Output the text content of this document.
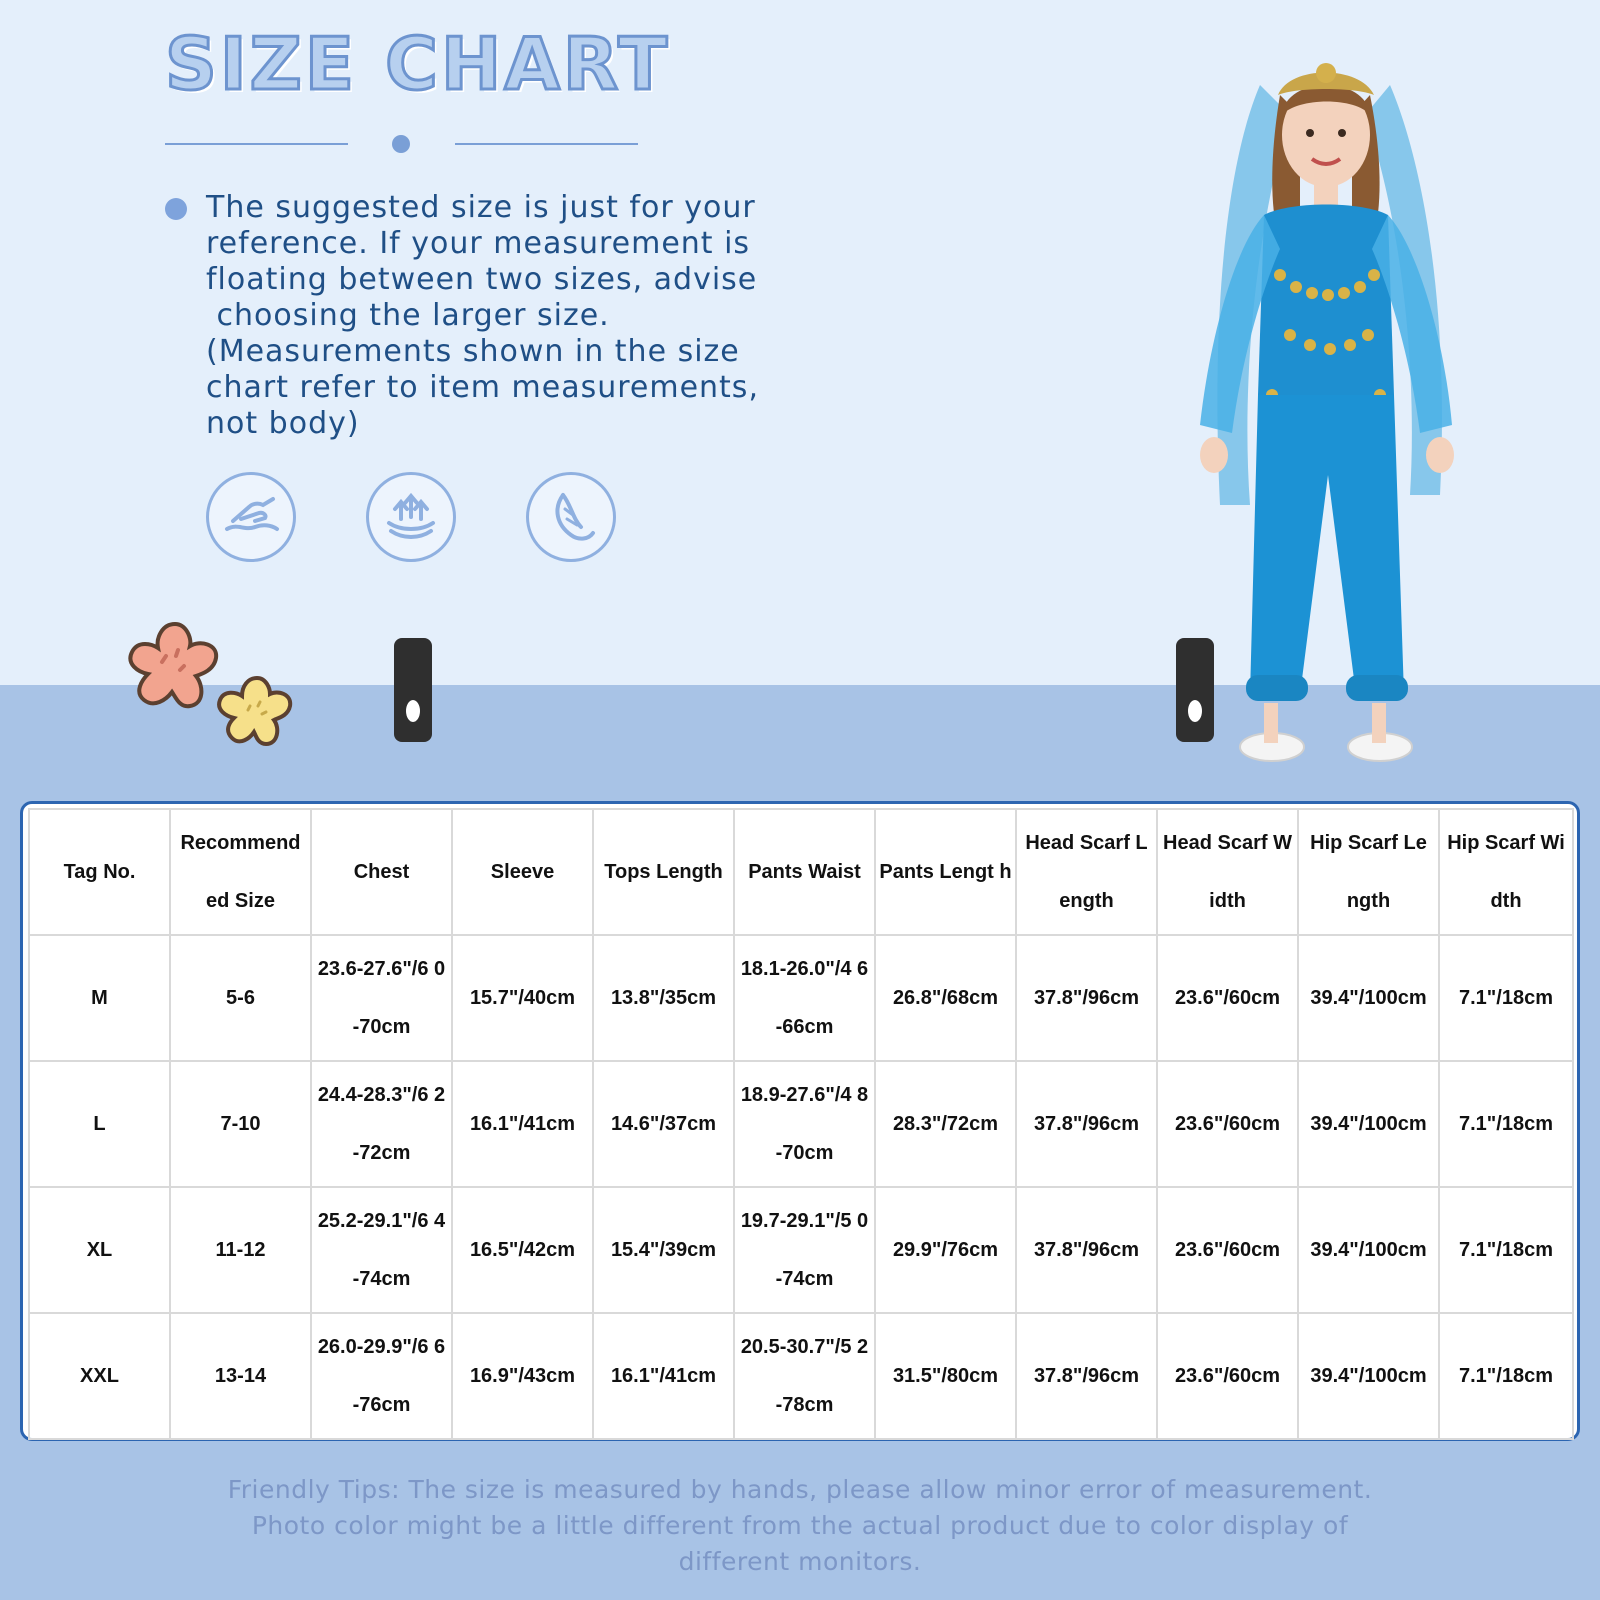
SIZE CHART
The suggested size is just for your
reference. If your measurement is
floating between two sizes, advise
choosing the larger size.
(Measurements shown in the size
chart refer to item measurements,
not body)
Tag No.	Recommend ed Size	Chest	Sleeve	Tops Length	Pants Waist	Pants Lengt h	Head Scarf Length	Head Scarf Width	Hip Scarf Le ngth	Hip Scarf Wi dth
M	5-6	23.6-27.6"/6 0-70cm	15.7"/40cm	13.8"/35cm	18.1-26.0"/4 6-66cm	26.8"/68cm	37.8"/96cm	23.6"/60cm	39.4"/100cm	7.1"/18cm
L	7-10	24.4-28.3"/6 2-72cm	16.1"/41cm	14.6"/37cm	18.9-27.6"/4 8-70cm	28.3"/72cm	37.8"/96cm	23.6"/60cm	39.4"/100cm	7.1"/18cm
XL	11-12	25.2-29.1"/6 4-74cm	16.5"/42cm	15.4"/39cm	19.7-29.1"/5 0-74cm	29.9"/76cm	37.8"/96cm	23.6"/60cm	39.4"/100cm	7.1"/18cm
XXL	13-14	26.0-29.9"/6 6-76cm	16.9"/43cm	16.1"/41cm	20.5-30.7"/5 2-78cm	31.5"/80cm	37.8"/96cm	23.6"/60cm	39.4"/100cm	7.1"/18cm
Friendly Tips: The size is measured by hands, please allow minor error of measurement.
Photo color might be a little different from the actual product due to color display of
different monitors.
